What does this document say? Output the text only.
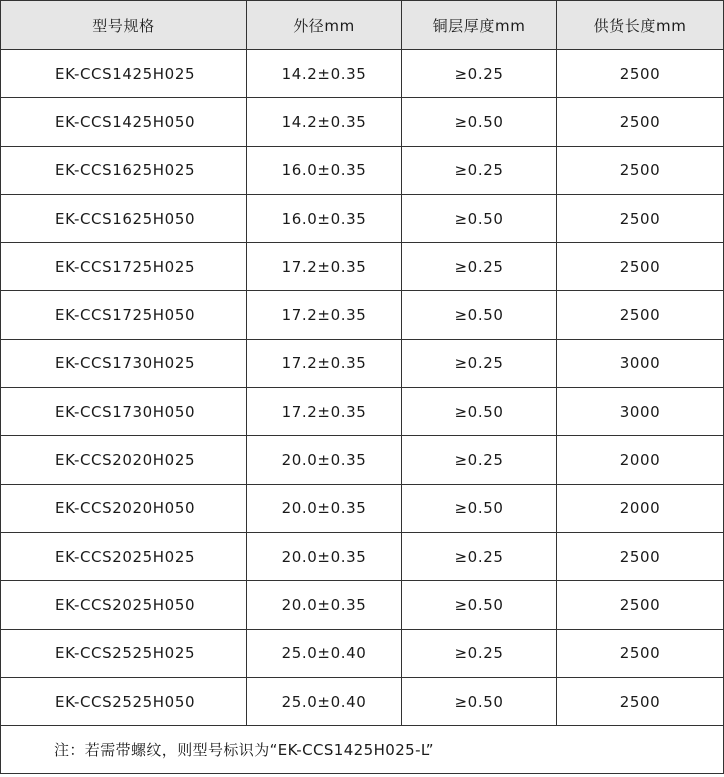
型号规格	外径mm	铜层厚度mm	供货长度mm
EK-CCS1425H025	14.2±0.35	≥0.25	2500
EK-CCS1425H050	14.2±0.35	≥0.50	2500
EK-CCS1625H025	16.0±0.35	≥0.25	2500
EK-CCS1625H050	16.0±0.35	≥0.50	2500
EK-CCS1725H025	17.2±0.35	≥0.25	2500
EK-CCS1725H050	17.2±0.35	≥0.50	2500
EK-CCS1730H025	17.2±0.35	≥0.25	3000
EK-CCS1730H050	17.2±0.35	≥0.50	3000
EK-CCS2020H025	20.0±0.35	≥0.25	2000
EK-CCS2020H050	20.0±0.35	≥0.50	2000
EK-CCS2025H025	20.0±0.35	≥0.25	2500
EK-CCS2025H050	20.0±0.35	≥0.50	2500
EK-CCS2525H025	25.0±0.40	≥0.25	2500
EK-CCS2525H050	25.0±0.40	≥0.50	2500
注：若需带螺纹，则型号标识为“EK-CCS1425H025-L”			
